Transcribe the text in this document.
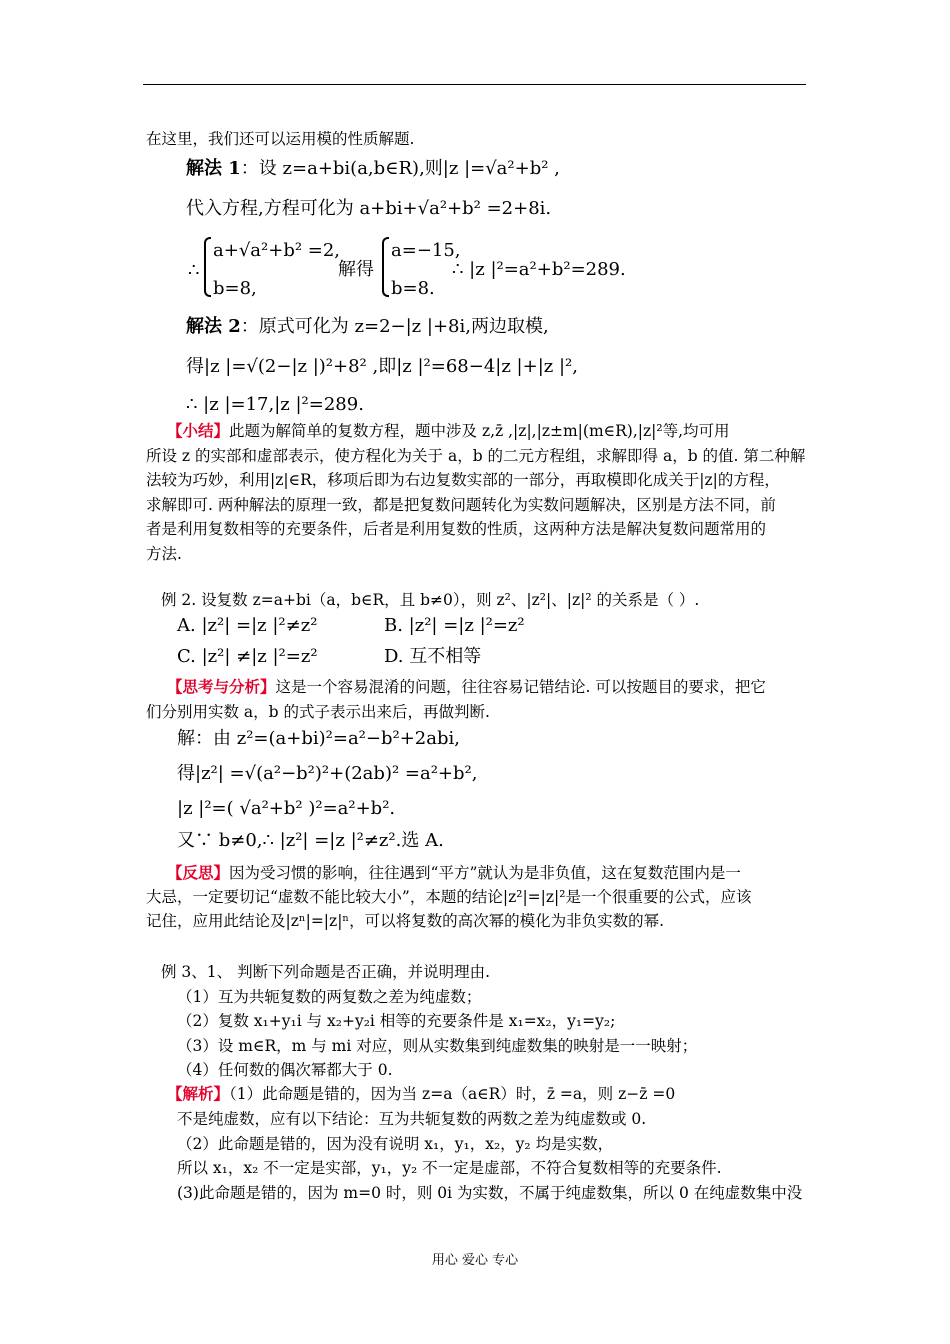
在这里，我们还可以运用模的性质解题.
解法 1：设 z=a+bi(a,b∈R),则|z |=√a²+b² ,
代入方程,方程可化为 a+bi+√a²+b² =2+8i.
∴
a+√a²+b² =2,
b=8,
解得
a=−15,
b=8.
∴ |z |²=a²+b²=289.
解法 2：原式可化为 z=2−|z |+8i,两边取模,
得|z |=√(2−|z |)²+8² ,即|z |²=68−4|z |+|z |²,
∴ |z |=17,|z |²=289.
【小结】此题为解简单的复数方程，题中涉及 z,z̄ ,|z|,|z±m|(m∈R),|z|²等,均可用
所设 z 的实部和虚部表示，使方程化为关于 a，b 的二元方程组，求解即得 a，b 的值. 第二种解
法较为巧妙，利用|z|∈R，移项后即为右边复数实部的一部分，再取模即化成关于|z|的方程，
求解即可. 两种解法的原理一致，都是把复数问题转化为实数问题解决，区别是方法不同，前
者是利用复数相等的充要条件，后者是利用复数的性质，这两种方法是解决复数问题常用的
方法.
例 2. 设复数 z=a+bi（a，b∈R，且 b≠0），则 z²、|z²|、|z|² 的关系是（ ）.
A. |z²| =|z |²≠z²	B. |z²| =|z |²=z²
C. |z²| ≠|z |²=z²	D. 互不相等
【思考与分析】这是一个容易混淆的问题，往往容易记错结论. 可以按题目的要求，把它
们分别用实数 a，b 的式子表示出来后，再做判断.
解：由 z²=(a+bi)²=a²−b²+2abi,
得|z²| =√(a²−b²)²+(2ab)² =a²+b²,
|z |²=( √a²+b² )²=a²+b².
又∵ b≠0,∴ |z²| =|z |²≠z².选 A.
【反思】因为受习惯的影响，往往遇到“平方”就认为是非负值，这在复数范围内是一
大忌，一定要切记“虚数不能比较大小”，本题的结论|z²|=|z|²是一个很重要的公式，应该
记住，应用此结论及|zⁿ|=|z|ⁿ，可以将复数的高次幂的模化为非负实数的幂.
例 3、1、 判断下列命题是否正确，并说明理由.
（1）互为共轭复数的两复数之差为纯虚数；
（2）复数 x₁+y₁i 与 x₂+y₂i 相等的充要条件是 x₁=x₂，y₁=y₂;
（3）设 m∈R，m 与 mi 对应，则从实数集到纯虚数集的映射是一一映射；
（4）任何数的偶次幂都大于 0.
【解析】（1）此命题是错的，因为当 z=a（a∈R）时，z̄ =a，则 z−z̄ =0
不是纯虚数，应有以下结论：互为共轭复数的两数之差为纯虚数或 0.
（2）此命题是错的，因为没有说明 x₁，y₁，x₂，y₂ 均是实数，
所以 x₁，x₂ 不一定是实部，y₁，y₂ 不一定是虚部，不符合复数相等的充要条件.
(3)此命题是错的，因为 m=0 时，则 0i 为实数，不属于纯虚数集，所以 0 在纯虚数集中没
用心 爱心 专心
